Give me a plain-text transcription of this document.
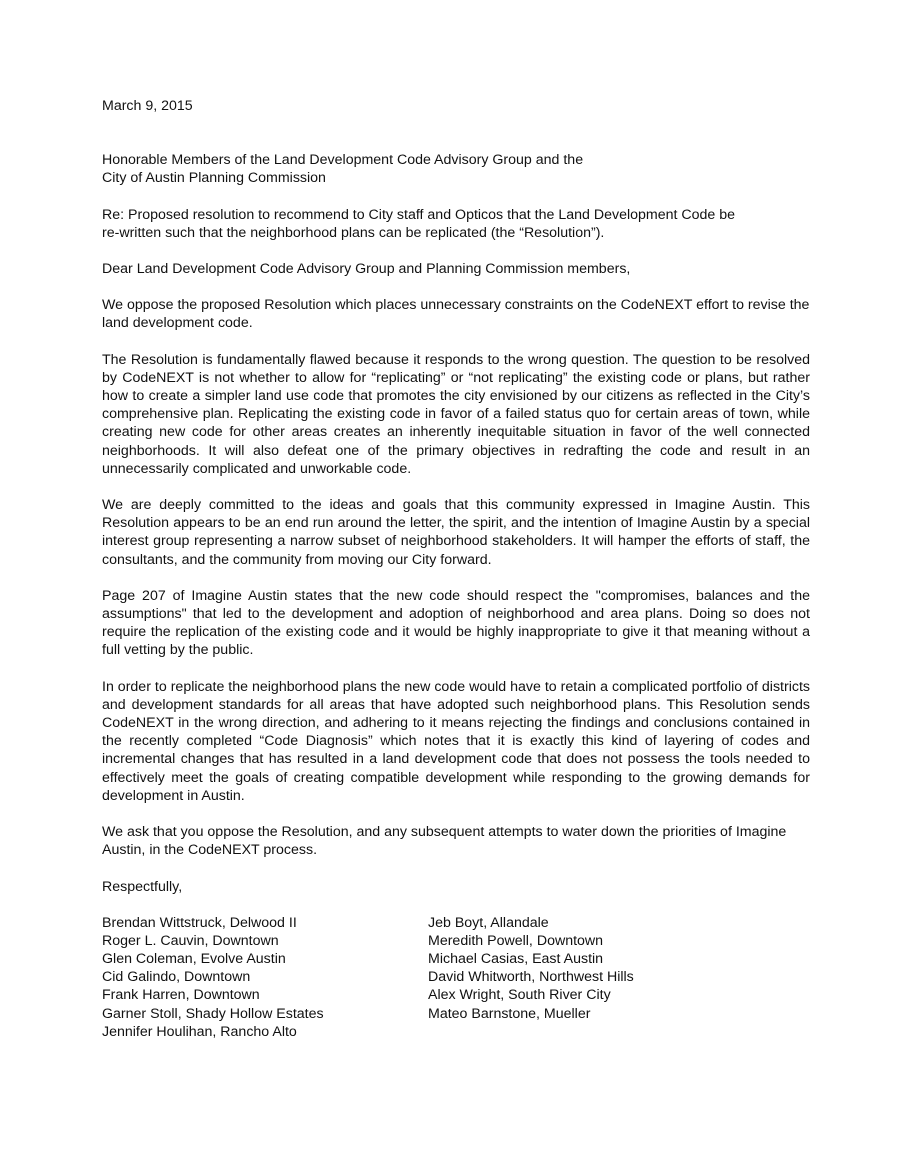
March 9, 2015
Honorable Members of the Land Development Code Advisory Group and the
City of Austin Planning Commission
Re: Proposed resolution to recommend to City staff and Opticos that the Land Development Code be
re-written such that the neighborhood plans can be replicated (the “Resolution”).
Dear Land Development Code Advisory Group and Planning Commission members,

We oppose the proposed Resolution which places unnecessary constraints on the CodeNEXT effort to revise the land development code.

The Resolution is fundamentally flawed because it responds to the wrong question. The question to be resolved by CodeNEXT is not whether to allow for “replicating” or “not replicating” the existing code or plans, but rather how to create a simpler land use code that promotes the city envisioned by our citizens as reflected in the City’s comprehensive plan. Replicating the existing code in favor of a failed status quo for certain areas of town, while creating new code for other areas creates an inherently inequitable situation in favor of the well connected neighborhoods. It will also defeat one of the primary objectives in redrafting the code and result in an unnecessarily complicated and unworkable code.

We are deeply committed to the ideas and goals that this community expressed in Imagine Austin. This Resolution appears to be an end run around the letter, the spirit, and the intention of Imagine Austin by a special interest group representing a narrow subset of neighborhood stakeholders. It will hamper the efforts of staff, the consultants, and the community from moving our City forward.

Page 207 of Imagine Austin states that the new code should respect the "compromises, balances and the assumptions" that led to the development and adoption of neighborhood and area plans. Doing so does not require the replication of the existing code and it would be highly inappropriate to give it that meaning without a full vetting by the public.

In order to replicate the neighborhood plans the new code would have to retain a complicated portfolio of districts and development standards for all areas that have adopted such neighborhood plans. This Resolution sends CodeNEXT in the wrong direction, and adhering to it means rejecting the findings and conclusions contained in the recently completed “Code Diagnosis” which notes that it is exactly this kind of layering of codes and incremental changes that has resulted in a land development code that does not possess the tools needed to effectively meet the goals of creating compatible development while responding to the growing demands for development in Austin.

We ask that you oppose the Resolution, and any subsequent attempts to water down the priorities of Imagine Austin, in the CodeNEXT process.

Respectfully,
Brendan Wittstruck, Delwood II
Roger L. Cauvin, Downtown
Glen Coleman, Evolve Austin
Cid Galindo, Downtown
Frank Harren, Downtown
Garner Stoll, Shady Hollow Estates
Jennifer Houlihan, Rancho Alto
Jeb Boyt, Allandale
Meredith Powell, Downtown
Michael Casias, East Austin
David Whitworth, Northwest Hills
Alex Wright, South River City
Mateo Barnstone, Mueller
